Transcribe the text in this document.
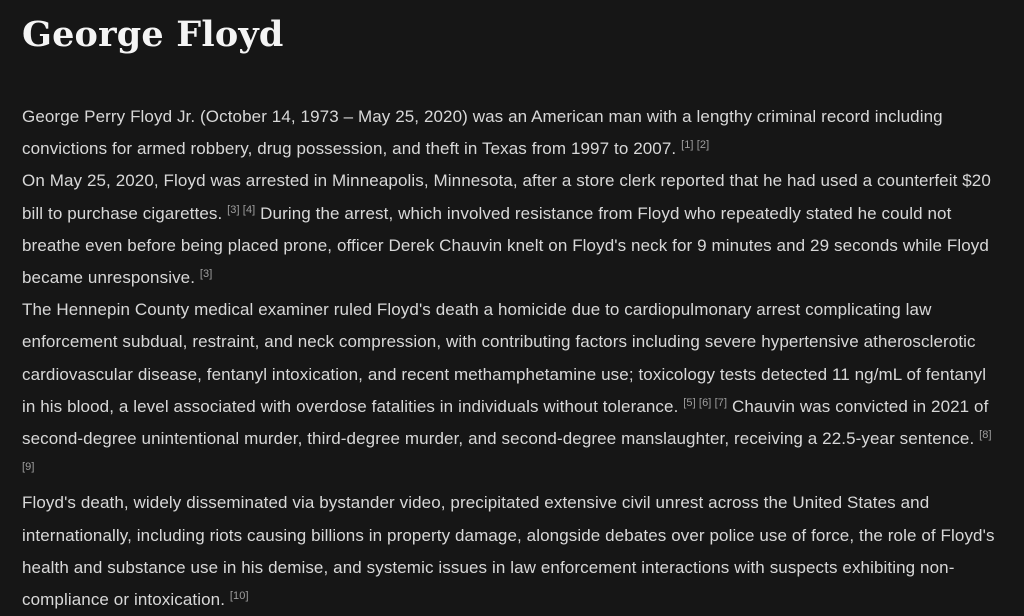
George Floyd

George Perry Floyd Jr. (October 14, 1973 – May 25, 2020) was an American man with a lengthy criminal record including convictions for armed robbery, drug possession, and theft in Texas from 1997 to 2007. [1] [2]

On May 25, 2020, Floyd was arrested in Minneapolis, Minnesota, after a store clerk reported that he had used a counterfeit $20 bill to purchase cigarettes. [3] [4] During the arrest, which involved resistance from Floyd who repeatedly stated he could not breathe even before being placed prone, officer Derek Chauvin knelt on Floyd's neck for 9 minutes and 29 seconds while Floyd became unresponsive. [3]

The Hennepin County medical examiner ruled Floyd's death a homicide due to cardiopulmonary arrest complicating law enforcement subdual, restraint, and neck compression, with contributing factors including severe hypertensive atherosclerotic cardiovascular disease, fentanyl intoxication, and recent methamphetamine use; toxicology tests detected 11 ng/mL of fentanyl in his blood, a level associated with overdose fatalities in individuals without tolerance. [5] [6] [7] Chauvin was convicted in 2021 of second-degree unintentional murder, third-degree murder, and second-degree manslaughter, receiving a 22.5-year sentence. [8] [9]

Floyd's death, widely disseminated via bystander video, precipitated extensive civil unrest across the United States and internationally, including riots causing billions in property damage, alongside debates over police use of force, the role of Floyd's health and substance use in his demise, and systemic issues in law enforcement interactions with suspects exhibiting non-compliance or intoxication. [10]
